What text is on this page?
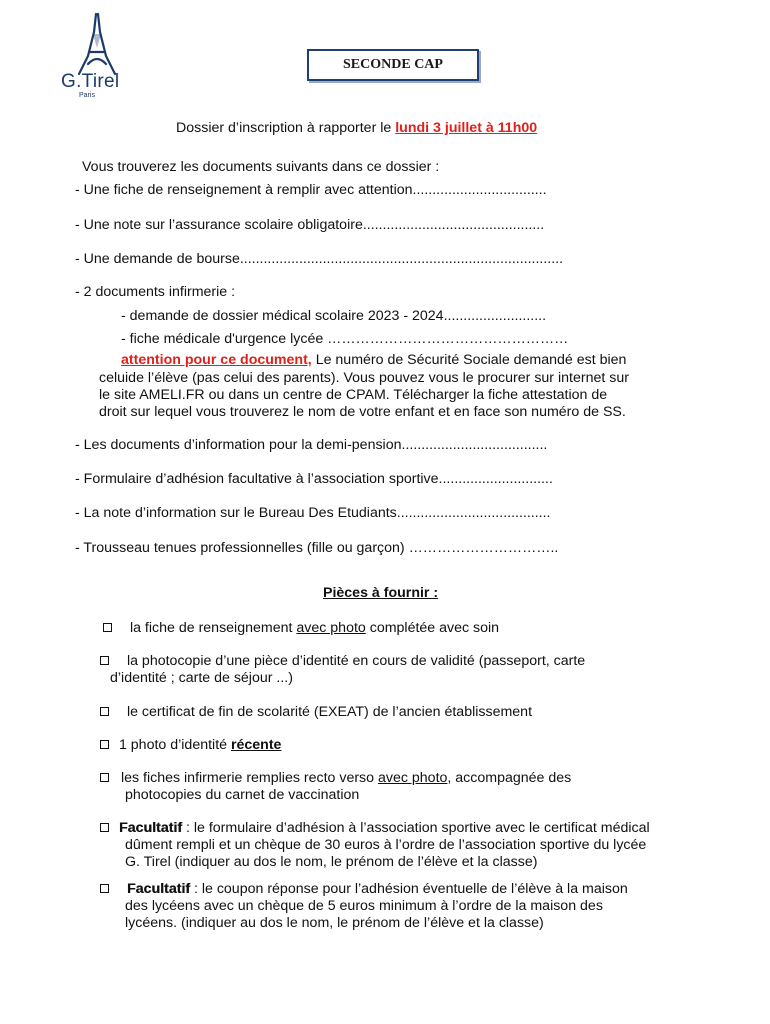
G.Tirel
Paris
SECONDE CAP
Dossier d’inscription à rapporter le lundi 3 juillet à 11h00
Vous trouverez les documents suivants dans ce dossier :
- Une fiche de renseignement à remplir avec attention..................................
- Une note sur l’assurance scolaire obligatoire..............................................
- Une demande de bourse..................................................................................
- 2 documents infirmerie :
- demande de dossier médical scolaire 2023 - 2024..........................
- fiche médicale d'urgence lycée ……………………………………………
attention pour ce document, Le numéro de Sécurité Sociale demandé est bien
celuide l’élève (pas celui des parents). Vous pouvez vous le procurer sur internet sur
le site AMELI.FR ou dans un centre de CPAM. Télécharger la fiche attestation de
droit sur lequel vous trouverez le nom de votre enfant et en face son numéro de SS.
- Les documents d’information pour la demi-pension.....................................
- Formulaire d’adhésion facultative à l’association sportive.............................
- La note d’information sur le Bureau Des Etudiants.......................................
- Trousseau tenues professionnelles (fille ou garçon) …………………………..
Pièces à fournir :
la fiche de renseignement avec photo complétée avec soin
la photocopie d’une pièce d’identité en cours de validité (passeport, carte
d’identité ; carte de séjour ...)
le certificat de fin de scolarité (EXEAT) de l’ancien établissement
1 photo d’identité récente
les fiches infirmerie remplies recto verso avec photo, accompagnée des
photocopies du carnet de vaccination
Facultatif : le formulaire d’adhésion à l’association sportive avec le certificat médical
dûment rempli et un chèque de 30 euros à l’ordre de l’association sportive du lycée
G. Tirel (indiquer au dos le nom, le prénom de l’élève et la classe)
Facultatif : le coupon réponse pour l’adhésion éventuelle de l’élève à la maison
des lycéens avec un chèque de 5 euros minimum à l’ordre de la maison des
lycéens. (indiquer au dos le nom, le prénom de l’élève et la classe)
